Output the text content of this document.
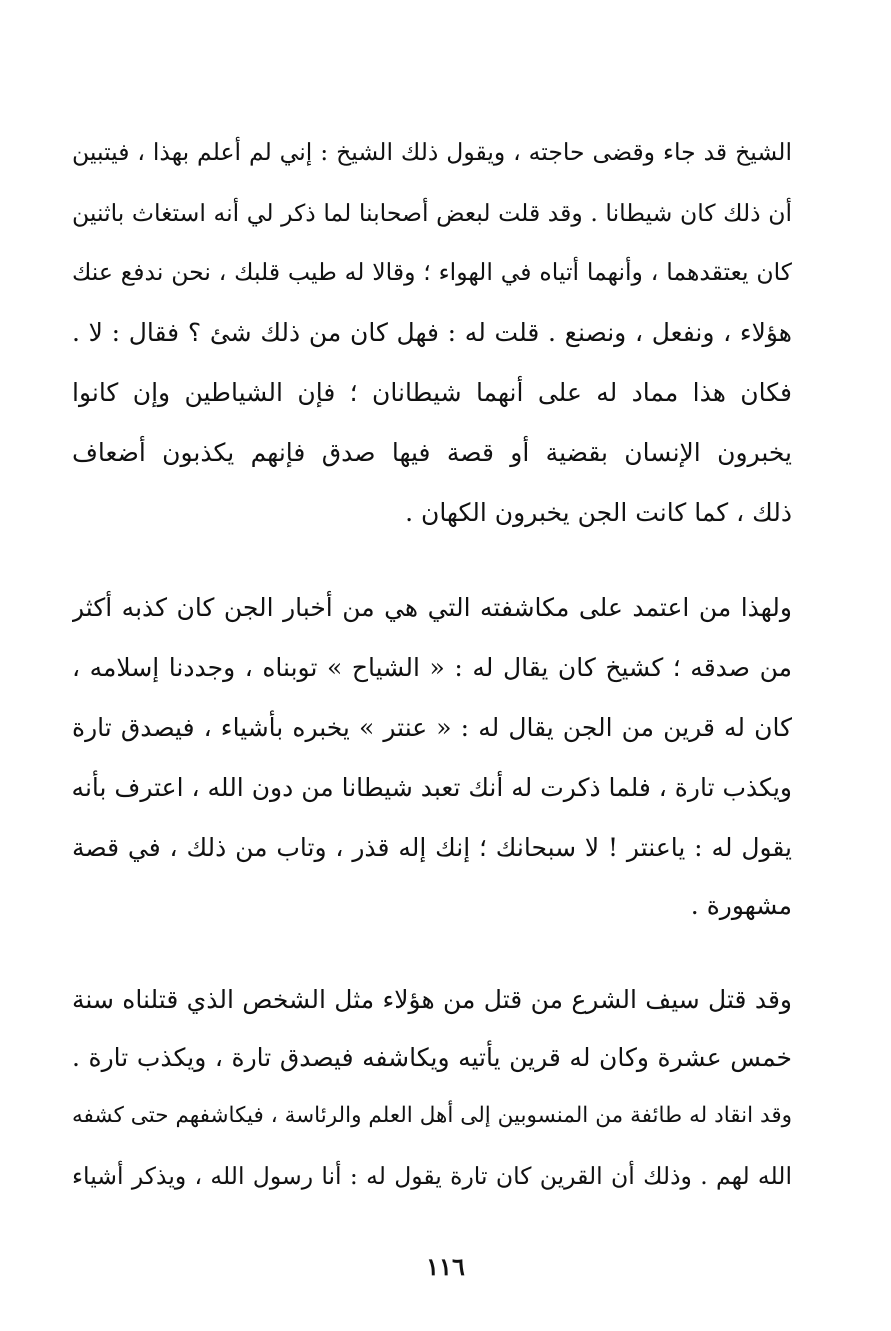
الشيخ قد جاء وقضى حاجته ، ويقول ذلك الشيخ : إني لم أعلم بهذا ، فيتبين
أن ذلك كان شيطانا . وقد قلت لبعض أصحابنا لما ذكر لي أنه استغاث باثنين
كان يعتقدهما ، وأنهما أتياه في الهواء ؛ وقالا له طيب قلبك ، نحن ندفع عنك
هؤلاء ، ونفعل ، ونصنع . قلت له : فهل كان من ذلك شئ ؟ فقال : لا .
فكان هذا مماد له على أنهما شيطانان ؛ فإن الشياطين وإن كانوا
يخبرون الإنسان بقضية أو قصة فيها صدق فإنهم يكذبون أضعاف
ذلك ، كما كانت الجن يخبرون الكهان .
ولهذا من اعتمد على مكاشفته التي هي من أخبار الجن كان كذبه أكثر
من صدقه ؛ كشيخ كان يقال له : « الشياح » توبناه ، وجددنا إسلامه ،
كان له قرين من الجن يقال له : « عنتر » يخبره بأشياء ، فيصدق تارة
ويكذب تارة ، فلما ذكرت له أنك تعبد شيطانا من دون الله ، اعترف بأنه
يقول له : ياعنتر ! لا سبحانك ؛ إنك إله قذر ، وتاب من ذلك ، في قصة
مشهورة .
وقد قتل سيف الشرع من قتل من هؤلاء مثل الشخص الذي قتلناه سنة
خمس عشرة وكان له قرين يأتيه ويكاشفه فيصدق تارة ، ويكذب تارة .
وقد انقاد له طائفة من المنسوبين إلى أهل العلم والرئاسة ، فيكاشفهم حتى كشفه
الله لهم . وذلك أن القرين كان تارة يقول له : أنا رسول الله ، ويذكر أشياء
١١٦
